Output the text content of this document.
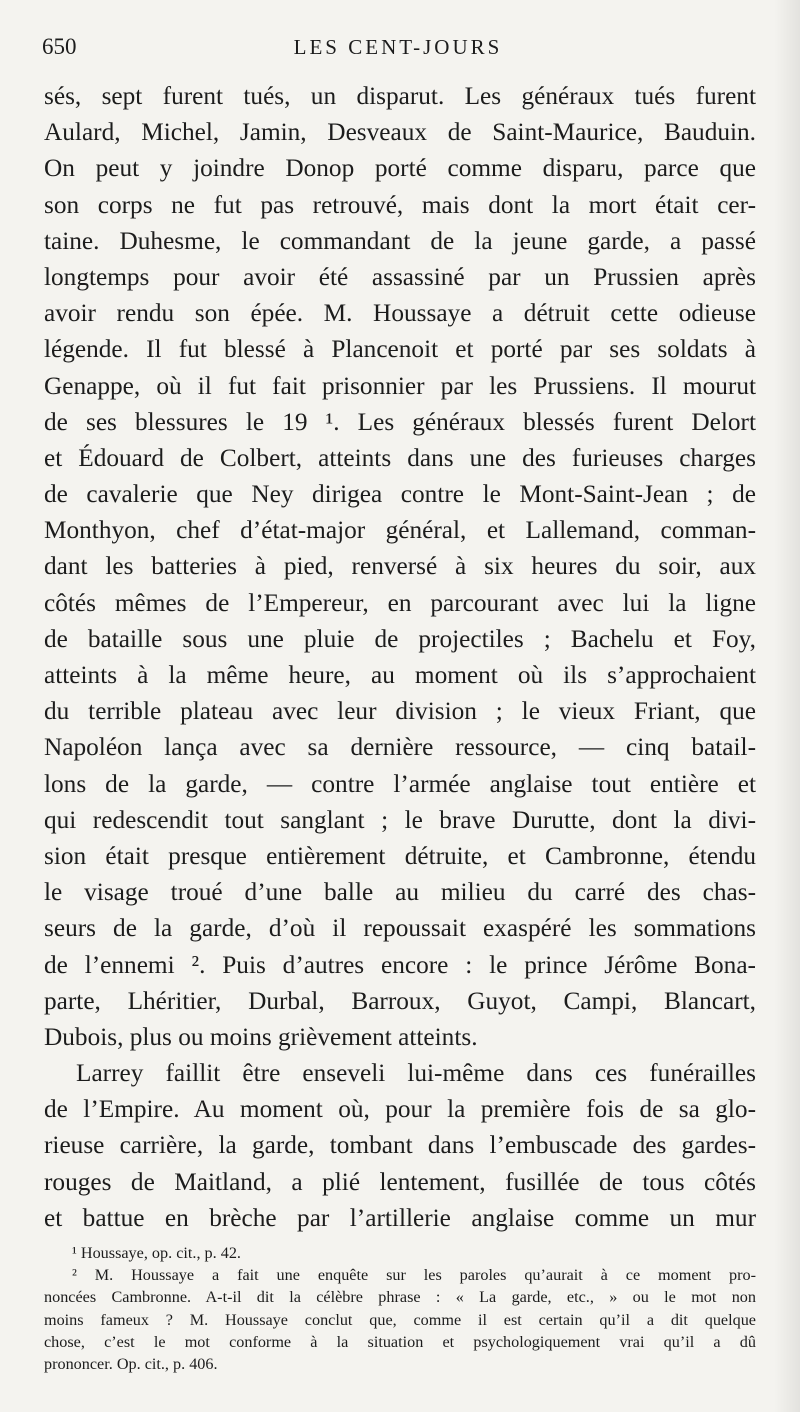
650	LES CENT-JOURS
sés, sept furent tués, un disparut. Les généraux tués furent
Aulard, Michel, Jamin, Desveaux de Saint-Maurice, Bauduin.
On peut y joindre Donop porté comme disparu, parce que
son corps ne fut pas retrouvé, mais dont la mort était cer-
taine. Duhesme, le commandant de la jeune garde, a passé
longtemps pour avoir été assassiné par un Prussien après
avoir rendu son épée. M. Houssaye a détruit cette odieuse
légende. Il fut blessé à Plancenoit et porté par ses soldats à
Genappe, où il fut fait prisonnier par les Prussiens. Il mourut
de ses blessures le 19 ¹. Les généraux blessés furent Delort
et Édouard de Colbert, atteints dans une des furieuses charges
de cavalerie que Ney dirigea contre le Mont-Saint-Jean ; de
Monthyon, chef d’état-major général, et Lallemand, comman-
dant les batteries à pied, renversé à six heures du soir, aux
côtés mêmes de l’Empereur, en parcourant avec lui la ligne
de bataille sous une pluie de projectiles ; Bachelu et Foy,
atteints à la même heure, au moment où ils s’approchaient
du terrible plateau avec leur division ; le vieux Friant, que
Napoléon lança avec sa dernière ressource, — cinq batail-
lons de la garde, — contre l’armée anglaise tout entière et
qui redescendit tout sanglant ; le brave Durutte, dont la divi-
sion était presque entièrement détruite, et Cambronne, étendu
le visage troué d’une balle au milieu du carré des chas-
seurs de la garde, d’où il repoussait exaspéré les sommations
de l’ennemi ². Puis d’autres encore : le prince Jérôme Bona-
parte, Lhéritier, Durbal, Barroux, Guyot, Campi, Blancart,
Dubois, plus ou moins grièvement atteints.
Larrey faillit être enseveli lui-même dans ces funérailles
de l’Empire. Au moment où, pour la première fois de sa glo-
rieuse carrière, la garde, tombant dans l’embuscade des gardes-
rouges de Maitland, a plié lentement, fusillée de tous côtés
et battue en brèche par l’artillerie anglaise comme un mur
¹ Houssaye, op. cit., p. 42.
² M. Houssaye a fait une enquête sur les paroles qu’aurait à ce moment pro-
noncées Cambronne. A-t-il dit la célèbre phrase : « La garde, etc., » ou le mot non
moins fameux ? M. Houssaye conclut que, comme il est certain qu’il a dit quelque
chose, c’est le mot conforme à la situation et psychologiquement vrai qu’il a dû
prononcer. Op. cit., p. 406.
